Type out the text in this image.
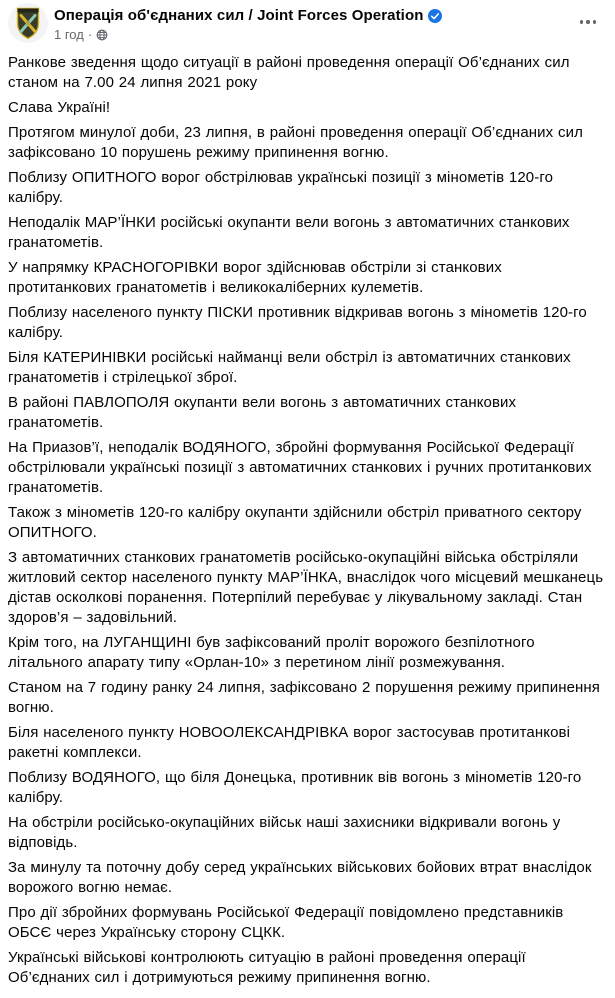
Операція об'єднаних сил / Joint Forces Operation
1 год ·

Ранкове зведення щодо ситуації в районі проведення операції Об’єднаних сил станом на 7.00 24 липня 2021 року

Слава Україні!

Протягом минулої доби, 23 липня, в районі проведення операції Об’єднаних сил зафіксовано 10 порушень режиму припинення вогню.

Поблизу ОПИТНОГО ворог обстрілював українські позиції з мінометів 120-го калібру.

Неподалік МАР’ЇНКИ російські окупанти вели вогонь з автоматичних станкових гранатометів.

У напрямку КРАСНОГОРІВКИ ворог здійснював обстріли зі станкових протитанкових гранатометів і великокаліберних кулеметів.

Поблизу населеного пункту ПІСКИ противник відкривав вогонь з мінометів 120-го калібру.

Біля КАТЕРИНІВКИ російські найманці вели обстріл із автоматичних станкових гранатометів і стрілецької зброї.

В районі ПАВЛОПОЛЯ окупанти вели вогонь з автоматичних станкових гранатометів.

На Приазов’ї, неподалік ВОДЯНОГО, збройні формування Російської Федерації обстрілювали українські позиції з автоматичних станкових і ручних протитанкових гранатометів.

Також з мінометів 120-го калібру окупанти здійснили обстріл приватного сектору ОПИТНОГО.

З автоматичних станкових гранатометів російсько-окупаційні війська обстріляли житловий сектор населеного пункту МАР’ЇНКА, внаслідок чого місцевий мешканець дістав осколкові поранення. Потерпілий перебуває у лікувальному закладі. Стан здоров’я – задовільний.

Крім того, на ЛУГАНЩИНІ був зафіксований проліт ворожого безпілотного літального апарату типу «Орлан-10» з перетином лінії розмежування.

Станом на 7 годину ранку 24 липня, зафіксовано 2 порушення режиму припинення вогню.

Біля населеного пункту НОВООЛЕКСАНДРІВКА ворог застосував протитанкові ракетні комплекси.

Поблизу ВОДЯНОГО, що біля Донецька, противник вів вогонь з мінометів 120-го калібру.

На обстріли російсько-окупаційних військ наші захисники відкривали вогонь у відповідь.

За минулу та поточну добу серед українських військових бойових втрат внаслідок ворожого вогню немає.

Про дії збройних формувань Російської Федерації повідомлено представників ОБСЄ через Українську сторону СЦКК.

Українські військові контролюють ситуацію в районі проведення операції Об’єднаних сил і дотримуються режиму припинення вогню.
